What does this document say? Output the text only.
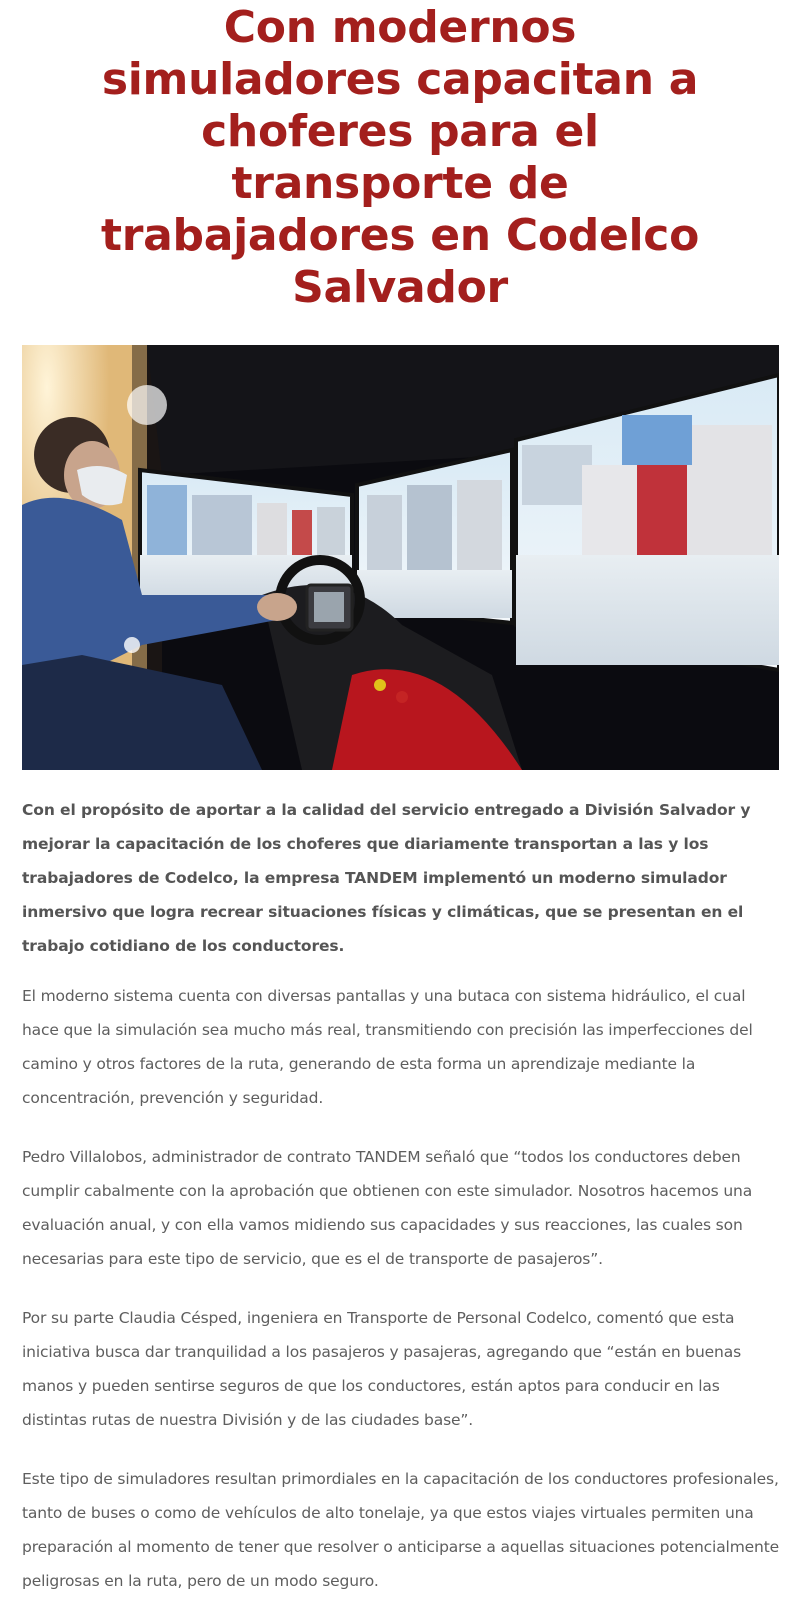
Con modernos simuladores capacitan a choferes para el transporte de trabajadores en Codelco Salvador

Con el propósito de aportar a la calidad del servicio entregado a División Salvador y mejorar la capacitación de los choferes que diariamente transportan a las y los trabajadores de Codelco, la empresa TANDEM implementó un moderno simulador inmersivo que logra recrear situaciones físicas y climáticas, que se presentan en el trabajo cotidiano de los conductores.

El moderno sistema cuenta con diversas pantallas y una butaca con sistema hidráulico, el cual hace que la simulación sea mucho más real, transmitiendo con precisión las imperfecciones del camino y otros factores de la ruta, generando de esta forma un aprendizaje mediante la concentración, prevención y seguridad.

Pedro Villalobos, administrador de contrato TANDEM señaló que “todos los conductores deben cumplir cabalmente con la aprobación que obtienen con este simulador. Nosotros hacemos una evaluación anual, y con ella vamos midiendo sus capacidades y sus reacciones, las cuales son necesarias para este tipo de servicio, que es el de transporte de pasajeros”.

Por su parte Claudia Césped, ingeniera en Transporte de Personal Codelco, comentó que esta iniciativa busca dar tranquilidad a los pasajeros y pasajeras, agregando que “están en buenas manos y pueden sentirse seguros de que los conductores, están aptos para conducir en las distintas rutas de nuestra División y de las ciudades base”.

Este tipo de simuladores resultan primordiales en la capacitación de los conductores profesionales, tanto de buses o como de vehículos de alto tonelaje, ya que estos viajes virtuales permiten una preparación al momento de tener que resolver o anticiparse a aquellas situaciones potencialmente peligrosas en la ruta, pero de un modo seguro.
